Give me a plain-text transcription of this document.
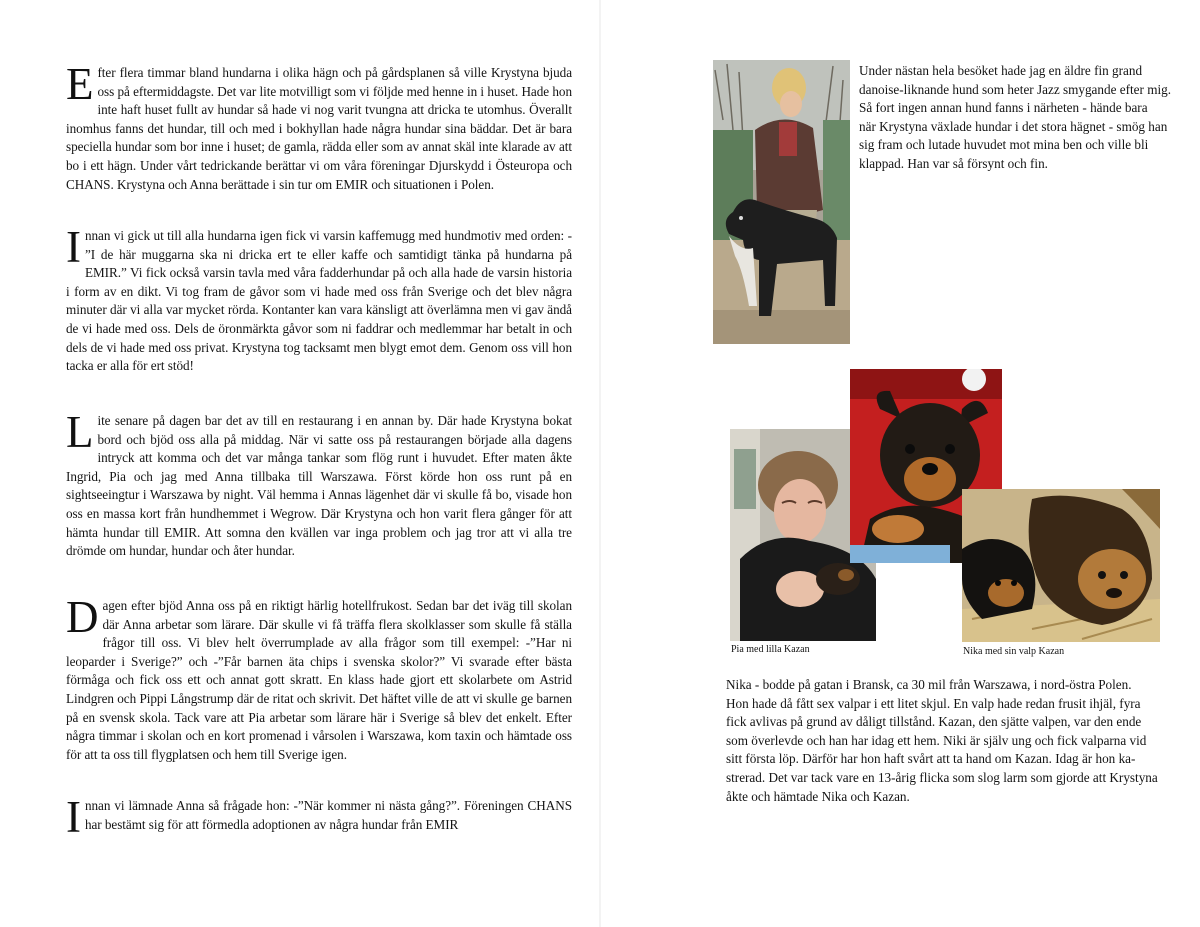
Efter flera timmar bland hundarna i olika hägn och på gårdsplanen så ville Krystyna bjuda oss på eftermiddagste. Det var lite motvilligt som vi följde med henne in i huset. Hade hon inte haft huset fullt av hundar så hade vi nog varit tvungna att dricka te utomhus. Överallt inomhus fanns det hundar, till och med i bokhyllan hade några hundar sina bäddar. Det är bara speciella hundar som bor inne i huset; de gamla, rädda eller som av annat skäl inte klarade av att bo i ett hägn. Under vårt tedrickande berättar vi om våra föreningar Djurskydd i Östeuropa och CHANS. Krystyna och Anna berättade i sin tur om EMIR och situationen i Polen.

Innan vi gick ut till alla hundarna igen fick vi varsin kaffemugg med hundmotiv med orden: - ”I de här muggarna ska ni dricka ert te eller kaffe och samtidigt tänka på hundarna på EMIR.” Vi fick också varsin tavla med våra fadderhundar på och alla hade de varsin historia i form av en dikt. Vi tog fram de gåvor som vi hade med oss från Sverige och det blev några minuter där vi alla var mycket rörda. Kontanter kan vara känsligt att överlämna men vi gav ändå de vi hade med oss. Dels de öronmärkta gåvor som ni faddrar och medlemmar har betalt in och dels de vi hade med oss privat. Krystyna tog tacksamt men blygt emot dem. Genom oss vill hon tacka er alla för ert stöd!

Lite senare på dagen bar det av till en restaurang i en annan by. Där hade Krystyna bokat bord och bjöd oss alla på middag. När vi satte oss på restaurangen började alla dagens intryck att komma och det var många tankar som flög runt i huvudet. Efter maten åkte Ingrid, Pia och jag med Anna tillbaka till Warszawa. Först körde hon oss runt på en sightseeingtur i Warszawa by night. Väl hemma i Annas lägenhet där vi skulle få bo, visade hon oss en massa kort från hundhemmet i Wegrow. Där Krystyna och hon varit flera gånger för att hämta hundar till EMIR. Att somna den kvällen var inga problem och jag tror att vi alla tre drömde om hundar, hundar och åter hundar.

Dagen efter bjöd Anna oss på en riktigt härlig hotellfrukost. Sedan bar det iväg till skolan där Anna arbetar som lärare. Där skulle vi få träffa flera skolklasser som skulle få ställa frågor till oss. Vi blev helt överrumplade av alla frågor som till exempel: -”Har ni leoparder i Sverige?” och -”Får barnen äta chips i svenska skolor?” Vi svarade efter bästa förmåga och fick oss ett och annat gott skratt. En klass hade gjort ett skolarbete om Astrid Lindgren och Pippi Långstrump där de ritat och skrivit. Det häftet ville de att vi skulle ge barnen på en svensk skola. Tack vare att Pia arbetar som lärare här i Sverige så blev det enkelt. Efter några timmar i skolan och en kort promenad i vårsolen i Warszawa, kom taxin och hämtade oss för att ta oss till flygplatsen och hem till Sverige igen.

Innan vi lämnade Anna så frågade hon: -”När kommer ni nästa gång?”. Föreningen CHANS har bestämt sig för att förmedla adoptionen av några hundar från EMIR

Under nästan hela besöket hade jag en äldre fin grand
danoise-liknande hund som heter Jazz smygande efter mig.
Så fort ingen annan hund fanns i närheten - hände bara
när Krystyna växlade hundar i det stora hägnet - smög han
sig fram och lutade huvudet mot mina ben och ville bli
klappad. Han var så försynt och fin.

Pia med lilla Kazan	Nika med sin valp Kazan

Nika - bodde på gatan i Bransk, ca 30 mil från Warszawa, i nord-östra Polen.
Hon hade då fått sex valpar i ett litet skjul. En valp hade redan frusit ihjäl, fyra
fick avlivas på grund av dåligt tillstånd. Kazan, den sjätte valpen, var den ende
som överlevde och han har idag ett hem. Niki är själv ung och fick valparna vid
sitt första löp. Därför har hon haft svårt att ta hand om Kazan. Idag är hon ka-
strerad. Det var tack vare en 13-årig flicka som slog larm som gjorde att Krystyna
åkte och hämtade Nika och Kazan.
